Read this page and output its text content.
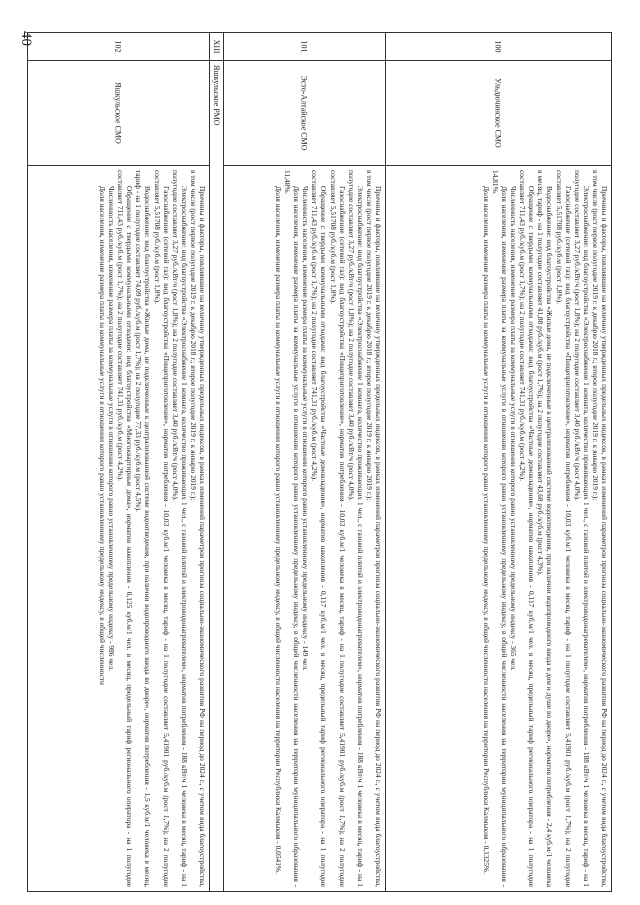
40
100
Ульдючинское СМО

Причины и факторы, повлиявшие на величину утвержденных предельных индексов, в рамках изменений параметров прогноза социально-экономического развития РФ на период до 2024 г., с учетом вида благоустройства, в том числе (рост первое полугодие 2019 г. к декабрю 2018 г.; второе полугодие 2019 г. к январю 2019 г.):

Электроснабжение: вид благоустройства «Электроснабжение 1 комната, количество проживающих 1 чел., с газовой плитой и электроводонагревателем», норматив потребления - 188 кВт/ч 1 человека в месяц, тариф - на 1 полугодие составляет 3,27 руб./кВт/ч (рост 1,8%); на 2 полугодие составляет 3,40 руб./кВт/ч (рост 4,0%).

Газоснабжение (сетевой газ): вид благоустройства «Пищеприготовление», норматив потребления - 10,03 куб.м/1 человека в месяц, тариф - на 1 полугодие составляет 5,41901 руб./куб.м (рост 1,7%); на 2 полугодие составляет 5,51708 руб./куб.м (рост 1,8%).

Водоснабжение: вид благоустройства «Жилые дома, не подключенные к централизованной системе водоотведения, при наличии водопроводного ввода в дом и душе во дворе», норматив потребления - 2,4 куб.м/1 человека в месяц, тариф - на 1 полугодие составляет 41,88 руб./куб.м (рост 1,7%); на 2 полугодие составляет 43,68 руб./куб.м (рост 4,3%).

Обращение с твердыми коммунальными отходами: вид благоустройства «Частные домовладения», норматив накопления - 0,117 куб.м/1 чел. в месяц, предельный тариф регионального оператора - на 1 полугодие составляет 711,43 руб./куб.м (рост 1,7%); на 2 полугодие составляет 741,31 руб./куб.м (рост 4,2%).

Численность населения, изменение размера платы за коммунальные услуги в отношении которого равно установленному предельному индексу - 365 чел.

Доля населения, изменение размера платы за коммунальные услуги в отношении которого равно установленному предельному индексу, в общей численности населения на территории муниципального образования - 14,81%.

Доля населения, изменение размера платы за коммунальные услуги в отношении которого равно установленному предельному индексу, в общей численности населения на территории Республики Калмыкия - 0,1325%.

101
Эсто-Алтайское СМО

Причины и факторы, повлиявшие на величину утвержденных предельных индексов, в рамках изменений параметров прогноза социально-экономического развития РФ на период до 2024 г., с учетом вида благоустройства, в том числе (рост первое полугодие 2019 г. к декабрю 2018 г.; второе полугодие 2019 г. к январю 2019 г.):

Электроснабжение: вид благоустройства «Электроснабжение 1 комната, количество проживающих 1 чел., с газовой плитой и электроводонагревателем», норматив потребления - 188 кВт/ч 1 человека в месяц, тариф - на 1 полугодие составляет 3,27 руб./кВт/ч (рост 1,8%); на 2 полугодие составляет 3,40 руб./кВт/ч (рост 4,0%).

Газоснабжение (сетевой газ): вид благоустройства «Пищеприготовление», норматив потребления - 10,03 куб.м/1 человека в месяц, тариф - на 1 полугодие составляет 5,41901 руб./куб.м (рост 1,7%); на 2 полугодие составляет 5,51708 руб./куб.м (рост 1,8%).

Обращение с твердыми коммунальными отходами: вид благоустройства «Частные домовладения», норматив накопления - 0,117 куб.м/1 чел. в месяц, предельный тариф регионального оператора - на 1 полугодие составляет 711,43 руб./куб.м (рост 1,7%); на 2 полугодие составляет 741,31 руб./куб.м (рост 4,2%).

Численность населения, изменение размера платы за коммунальные услуги в отношении которого равно установленному предельному индексу - 149 чел.

Доля населения, изменение размера платы за коммунальные услуги в отношении которого равно установленному предельному индексу, в общей численности населения на территории муниципального образования - 11,48%.

Доля населения, изменение размера платы за коммунальные услуги в отношении которого равно установленному предельному индексу, в общей численности населения на территории Республики Калмыкия - 0,0541%.

XIII
Яшкульское РМО
102
Яшкульское СМО

Причины и факторы, повлиявшие на величину утвержденных предельных индексов, в рамках изменений параметров прогноза социально-экономического развития РФ на период до 2024 г., с учетом вида благоустройства, в том числе (рост первое полугодие 2019 г. к декабрю 2018 г.; второе полугодие 2019 г. к январю 2019 г.):

Электроснабжение: вид благоустройства «Электроснабжение 1 комната, количество проживающих 1 чел., с газовой плитой и электроводонагревателем», норматив потребления - 188 кВт/ч 1 человека в месяц, тариф - на 1 полугодие составляет 3,27 руб./кВт/ч (рост 1,8%); на 2 полугодие составляет 3,40 руб./кВт/ч (рост 4,0%).

Газоснабжение (сетевой газ): вид благоустройства «Пищеприготовление», норматив потребления - 10,03 куб.м/1 человека в месяц, тариф - на 1 полугодие составляет 5,41901 руб./куб.м (рост 1,7%); на 2 полугодие составляет 5,51708 руб./куб.м (рост 1,8%).

Водоснабжение: вид благоустройства «Жилые дома, не подключенные к централизованной системе водоотведения, при наличии водопроводного ввода во дворе», норматив потребления - 1,5 куб.м/1 человека в месяц, тариф - на 1 полугодие составляет 74,09 руб./куб.м (рост 1,7%); на 2 полугодие 77,33 руб./куб.м (рост 4,5%).

Обращение с твердыми коммунальными отходами: вид благоустройства «Многоквартирные дома», норматив накопления - 0,125 куб.м/1 чел. в месяц, предельный тариф регионального оператора - на 1 полугодие составляет 711,43 руб./куб.м (рост 1,7%); на 2 полугодие составляет 741,31 руб./куб.м (рост 4,2%).

Численность населения, изменение размера платы за коммунальные услуги в отношении которого равно установленному предельному индексу - 986 чел.

Доля населения, изменение размера платы за коммунальные услуги в отношении которого равно установленному предельному индексу, в общей численности
